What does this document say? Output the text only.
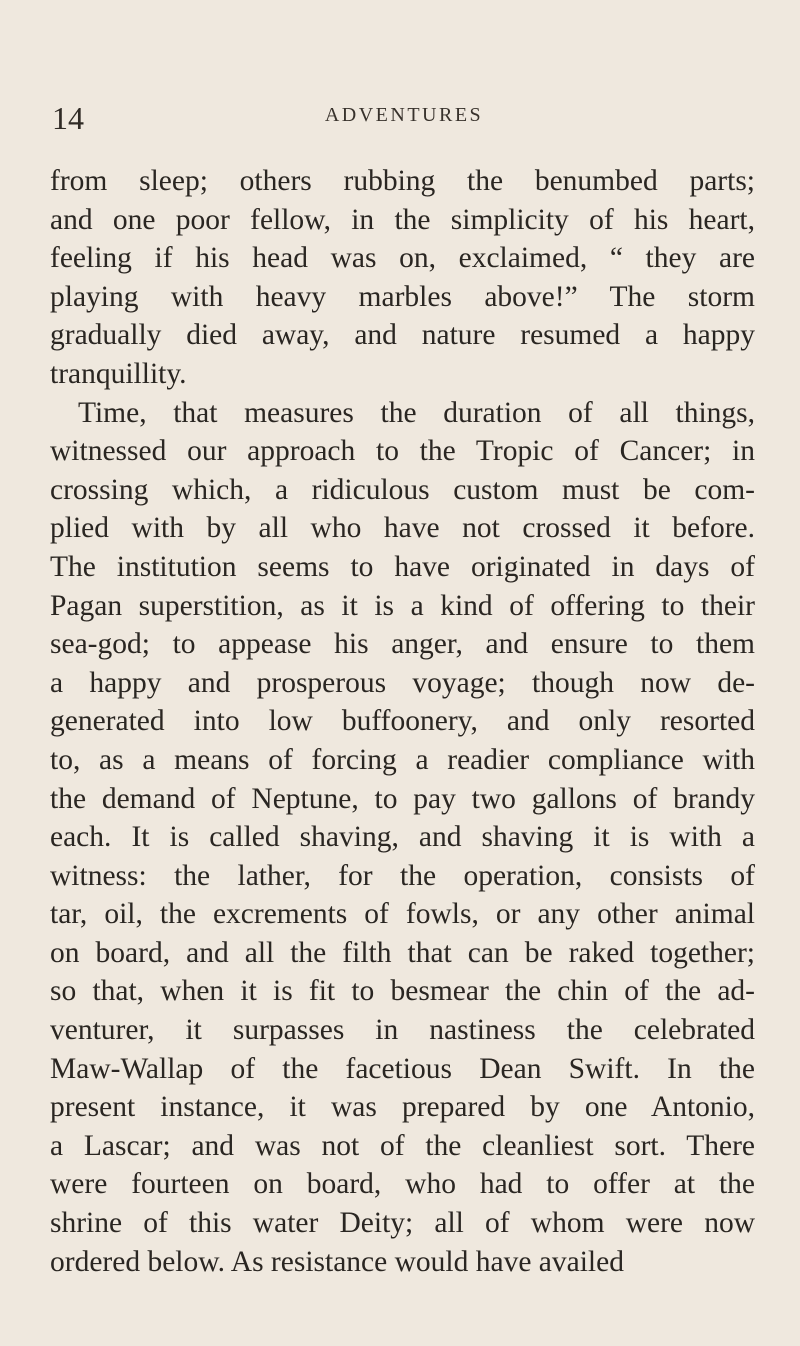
14	ADVENTURES
from sleep; others rubbing the benumbed parts;
and one poor fellow, in the simplicity of his heart,
feeling if his head was on, exclaimed, “ they are
playing with heavy marbles above!” The storm
gradually died away, and nature resumed a happy
tranquillity.
Time, that measures the duration of all things,
witnessed our approach to the Tropic of Cancer; in
crossing which, a ridiculous custom must be com-
plied with by all who have not crossed it before.
The institution seems to have originated in days of
Pagan superstition, as it is a kind of offering to their
sea-god; to appease his anger, and ensure to them
a happy and prosperous voyage; though now de-
generated into low buffoonery, and only resorted
to, as a means of forcing a readier compliance with
the demand of Neptune, to pay two gallons of brandy
each. It is called shaving, and shaving it is with a
witness: the lather, for the operation, consists of
tar, oil, the excrements of fowls, or any other animal
on board, and all the filth that can be raked together;
so that, when it is fit to besmear the chin of the ad-
venturer, it surpasses in nastiness the celebrated
Maw-Wallap of the facetious Dean Swift. In the
present instance, it was prepared by one Antonio,
a Lascar; and was not of the cleanliest sort. There
were fourteen on board, who had to offer at the
shrine of this water Deity; all of whom were now
ordered below. As resistance would have availed
